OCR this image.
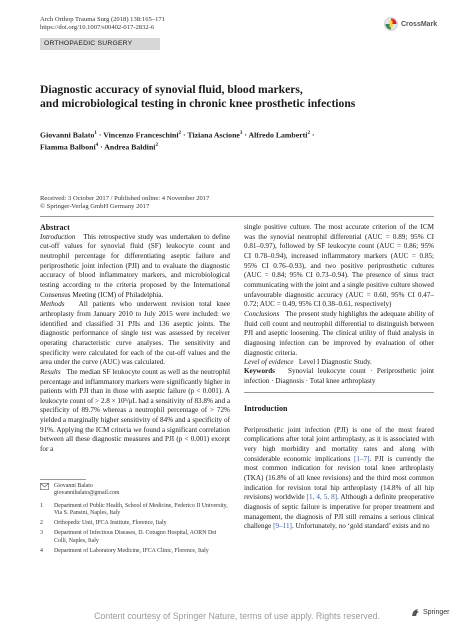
Arch Orthop Trauma Surg (2018) 138:165–171
https://doi.org/10.1007/s00402-017-2832-6
CrossMark
ORTHOPAEDIC SURGERY
Diagnostic accuracy of synovial fluid, blood markers,
and microbiological testing in chronic knee prosthetic infections
Giovanni Balato$^1$ · Vincenzo Franceschini$^2$ · Tiziana Ascione$^3$ · Alfredo Lamberti$^2$ ·
Fiamma Balboni$^4$ · Andrea Baldini$^2$
Received: 3 October 2017 / Published online: 4 November 2017
© Springer-Verlag GmbH Germany 2017
Abstract

Introduction This retrospective study was undertaken to define cut-off values for synovial fluid (SF) leukocyte count and neutrophil percentage for differentiating aseptic failure and periprosthetic joint infection (PJI) and to evaluate the diagnostic accuracy of blood inflammatory markers, and microbiological testing according to the criteria proposed by the International Consensus Meeting (ICM) of Philadelphia.

Methods All patients who underwent revision total knee arthroplasty from January 2010 to July 2015 were included: we identified and classified 31 PJIs and 136 aseptic joints. The diagnostic performance of single test was assessed by receiver operating characteristic curve analyses. The sensitivity and specificity were calculated for each of the cut-off values and the area under the curve (AUC) was calculated.

Results The median SF leukocyte count as well as the neutrophil percentage and inflammatory markers were significantly higher in patients with PJI than in those with aseptic failure (p < 0.001). A leukocyte count of > 2.8 × 10³/μL had a sensitivity of 83.8% and a specificity of 89.7% whereas a neutrophil percentage of > 72% yielded a marginally higher sensitivity of 84% and a specificity of 91%. Applying the ICM criteria we found a significant correlation between all these diagnostic measures and PJI (p < 0.001) except for a

Giovanni Balato
giovannibalato@gmail.com
1	Department of Public Health, School of Medicine, Federico II University, Via S. Pansini, Naples, Italy
2	Orthopedic Unit, IFCA Institute, Florence, Italy
3	Department of Infectious Diseases, D. Cotugno Hospital, AORN Dei Colli, Naples, Italy
4	Department of Laboratory Medicine, IFCA Clinic, Florence, Italy

single positive culture. The most accurate criterion of the ICM was the synovial neutrophil differential (AUC = 0.89; 95% CI 0.81–0.97), followed by SF leukocyte count (AUC = 0.86; 95% CI 0.78–0.94), increased inflammatory markers (AUC = 0.85; 95% CI 0.76–0.93), and two positive periprosthetic cultures (AUC = 0.84; 95% CI 0.73–0.94). The presence of sinus tract communicating with the joint and a single positive culture showed unfavourable diagnostic accuracy (AUC = 0.60, 95% CI 0.47–0.72; AUC = 0.49, 95% CI 0.38–0.61, respectively)

Conclusions The present study highlights the adequate ability of fluid cell count and neutrophil differential to distinguish between PJI and aseptic loosening. The clinical utility of fluid analysis in diagnosing infection can be improved by evaluation of other diagnostic criteria.

Level of evidence Level I Diagnostic Study.

Keywords Synovial leukocyte count · Periprosthetic joint infection · Diagnosis · Total knee arthroplasty

Introduction

Periprosthetic joint infection (PJI) is one of the most feared complications after total joint arthroplasty, as it is associated with very high morbidity and mortality rates and along with considerable economic implications [1–7]. PJI is currently the most common indication for revision total knee arthroplasty (TKA) (16.8% of all knee revisions) and the third most common indication for revision total hip arthroplasty (14.8% of all hip revisions) worldwide [1, 4, 5, 8]. Although a definite preoperative diagnosis of septic failure is imperative for proper treatment and management, the diagnosis of PJI still remains a serious clinical challenge [9–11]. Unfortunately, no ‘gold standard’ exists and no

Springer
Content courtesy of Springer Nature, terms of use apply. Rights reserved.
